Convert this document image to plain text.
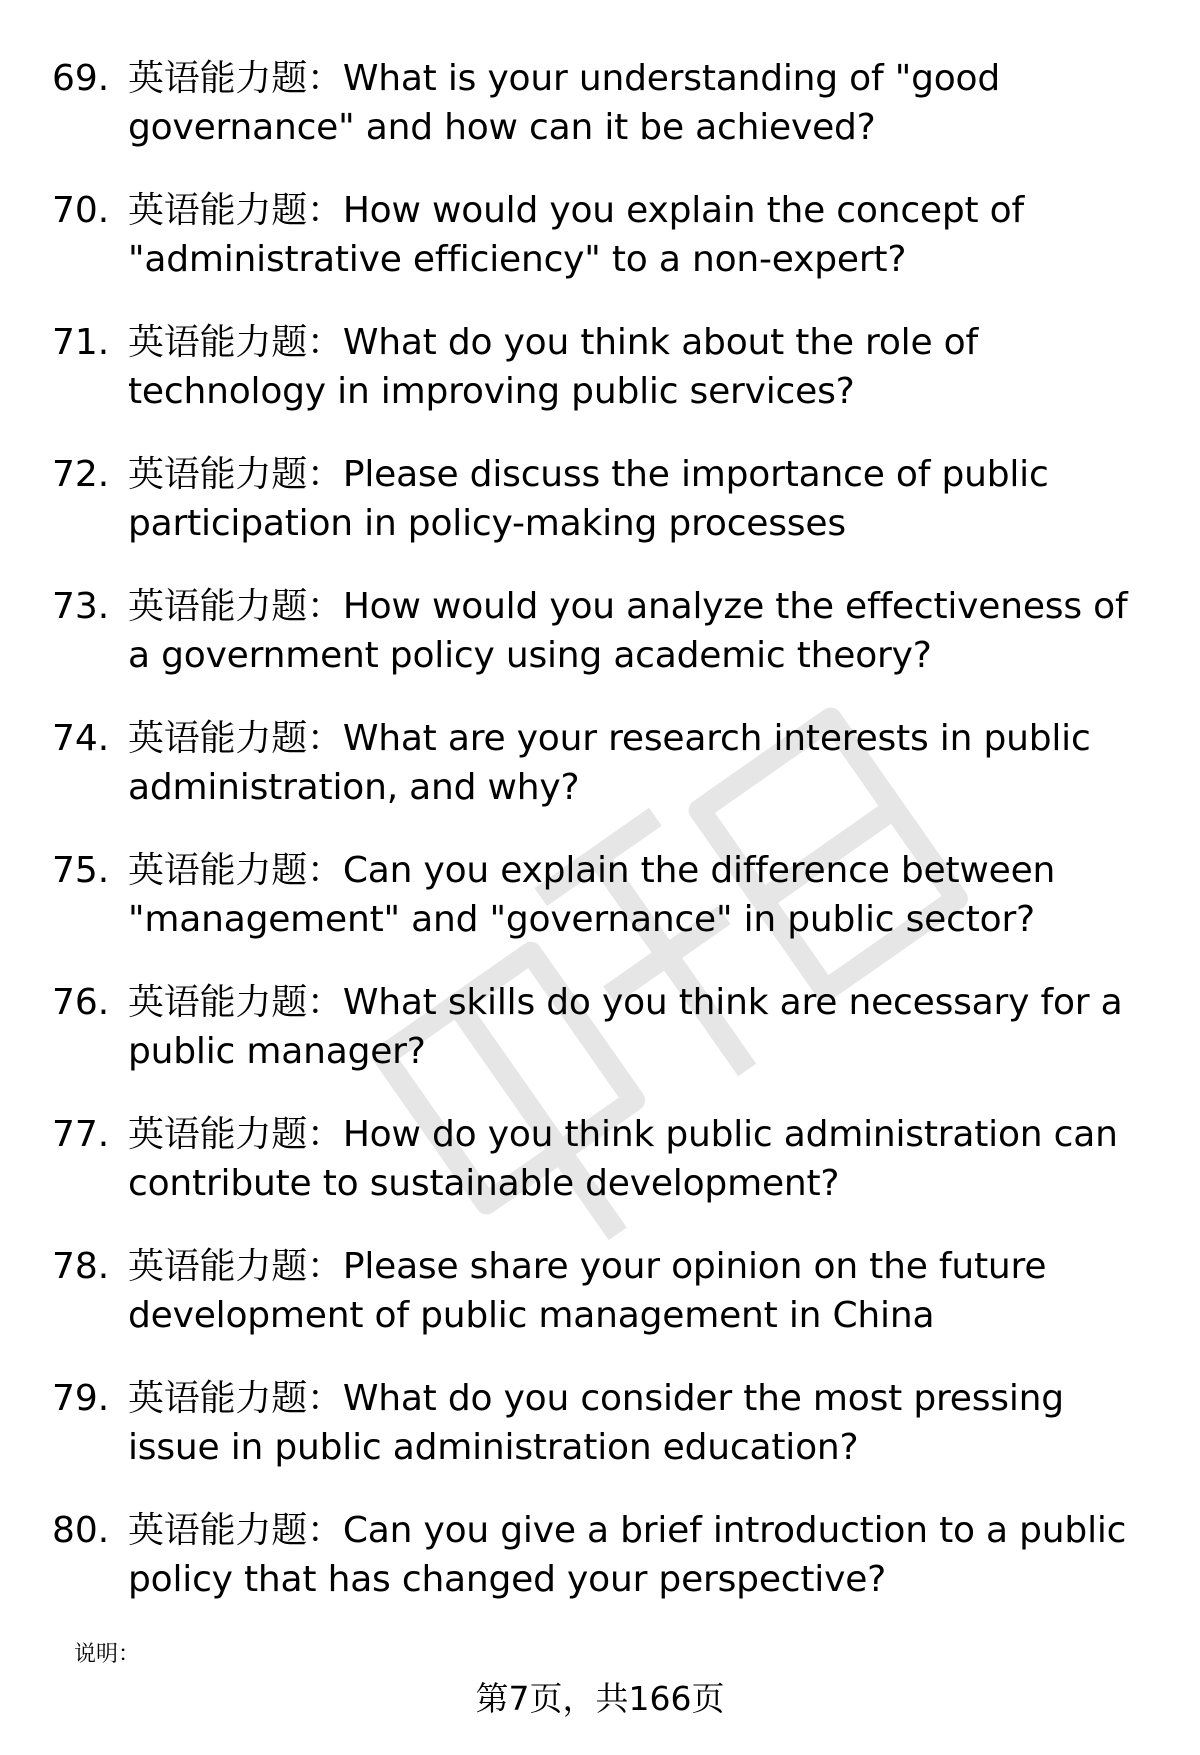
69. 英语能力题：What is your understanding of "good governance" and how can it be achieved?
70. 英语能力题：How would you explain the concept of "administrative efficiency" to a non-expert?
71. 英语能力题：What do you think about the role of technology in improving public services?
72. 英语能力题：Please discuss the importance of public participation in policy-making processes
73. 英语能力题：How would you analyze the effectiveness of a government policy using academic theory?
74. 英语能力题：What are your research interests in public administration, and why?
75. 英语能力题：Can you explain the difference between "management" and "governance" in public sector?
76. 英语能力题：What skills do you think are necessary for a public manager?
77. 英语能力题：How do you think public administration can contribute to sustainable development?
78. 英语能力题：Please share your opinion on the future development of public management in China
79. 英语能力题：What do you consider the most pressing issue in public administration education?
80. 英语能力题：Can you give a brief introduction to a public policy that has changed your perspective?
说明：
第7页，共166页
